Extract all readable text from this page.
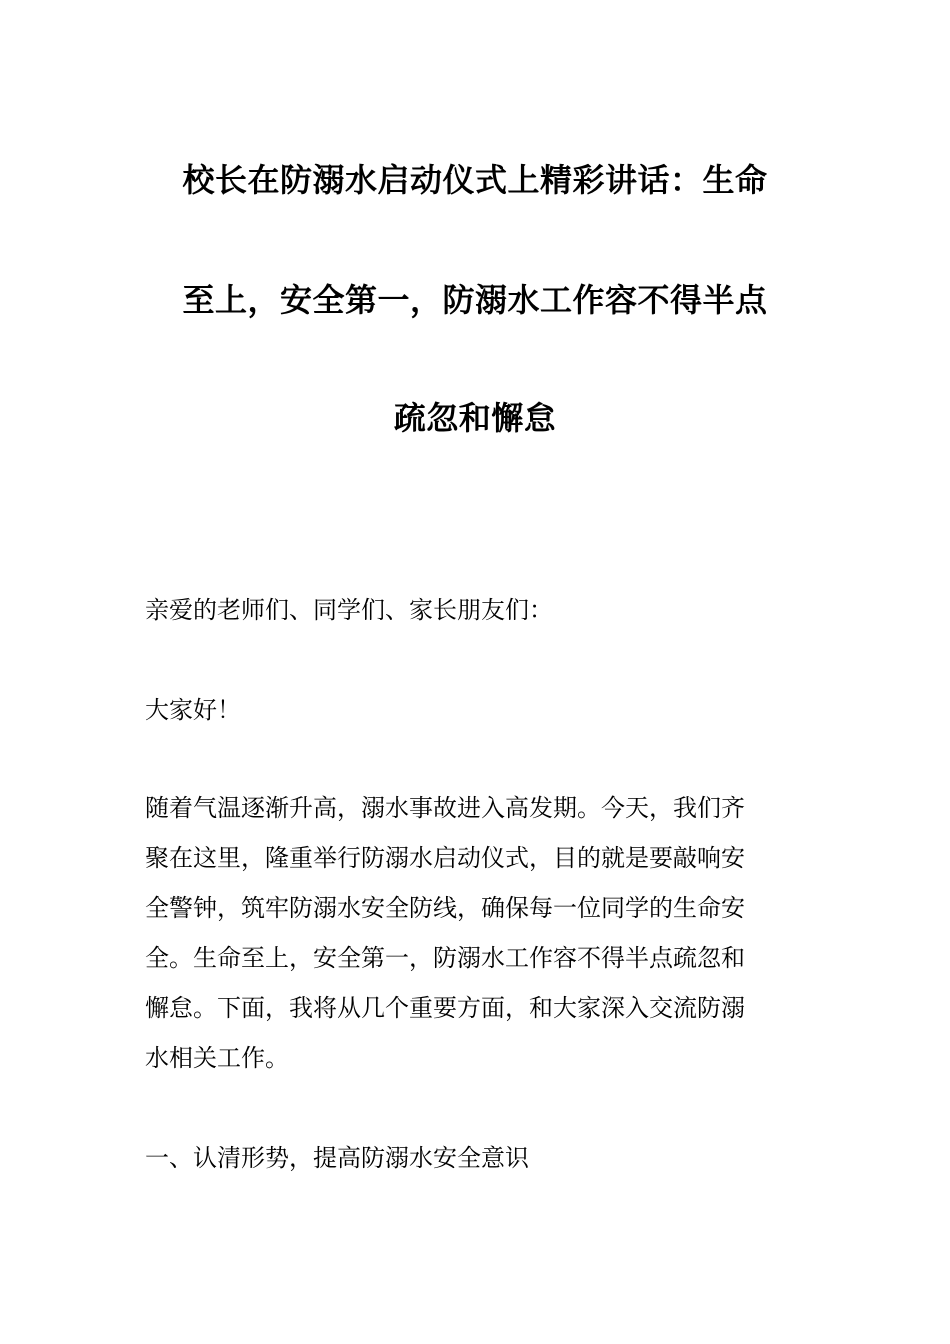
校长在防溺水启动仪式上精彩讲话：生命
至上，安全第一，防溺水工作容不得半点
疏忽和懈怠
亲爱的老师们、同学们、家长朋友们：
大家好！
随着气温逐渐升高，溺水事故进入高发期。今天，我们齐
聚在这里，隆重举行防溺水启动仪式，目的就是要敲响安
全警钟，筑牢防溺水安全防线，确保每一位同学的生命安
全。生命至上，安全第一，防溺水工作容不得半点疏忽和
懈怠。下面，我将从几个重要方面，和大家深入交流防溺
水相关工作。
一、认清形势，提高防溺水安全意识
